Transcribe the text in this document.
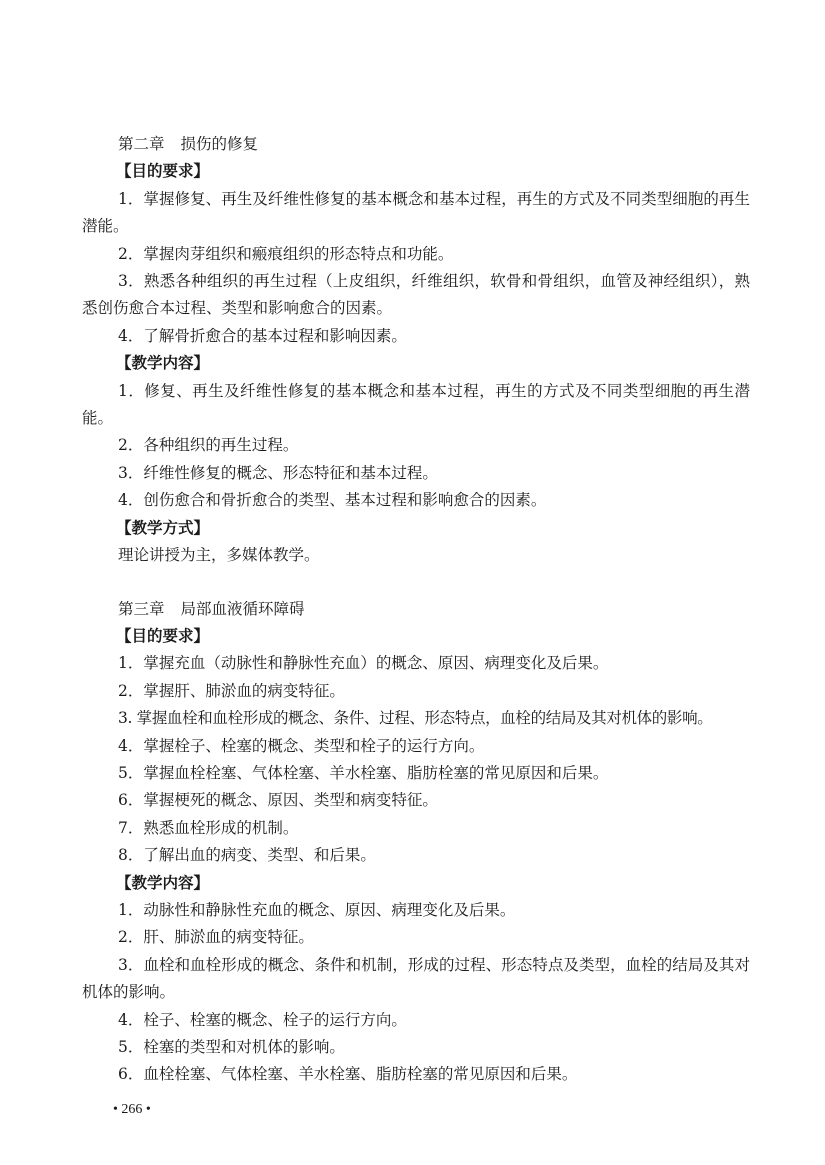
第二章 损伤的修复
【目的要求】
1．掌握修复、再生及纤维性修复的基本概念和基本过程，再生的方式及不同类型细胞的再生潜能。
2．掌握肉芽组织和瘢痕组织的形态特点和功能。
3．熟悉各种组织的再生过程（上皮组织，纤维组织，软骨和骨组织，血管及神经组织），熟悉创伤愈合本过程、类型和影响愈合的因素。
4．了解骨折愈合的基本过程和影响因素。
【教学内容】
1．修复、再生及纤维性修复的基本概念和基本过程，再生的方式及不同类型细胞的再生潜能。
2．各种组织的再生过程。
3．纤维性修复的概念、形态特征和基本过程。
4．创伤愈合和骨折愈合的类型、基本过程和影响愈合的因素。
【教学方式】
理论讲授为主，多媒体教学。
第三章 局部血液循环障碍
【目的要求】
1．掌握充血（动脉性和静脉性充血）的概念、原因、病理变化及后果。
2．掌握肝、肺淤血的病变特征。
3. 掌握血栓和血栓形成的概念、条件、过程、形态特点，血栓的结局及其对机体的影响。
4．掌握栓子、栓塞的概念、类型和栓子的运行方向。
5．掌握血栓栓塞、气体栓塞、羊水栓塞、脂肪栓塞的常见原因和后果。
6．掌握梗死的概念、原因、类型和病变特征。
7．熟悉血栓形成的机制。
8．了解出血的病变、类型、和后果。
【教学内容】
1．动脉性和静脉性充血的概念、原因、病理变化及后果。
2．肝、肺淤血的病变特征。
3．血栓和血栓形成的概念、条件和机制，形成的过程、形态特点及类型，血栓的结局及其对机体的影响。
4．栓子、栓塞的概念、栓子的运行方向。
5．栓塞的类型和对机体的影响。
6．血栓栓塞、气体栓塞、羊水栓塞、脂肪栓塞的常见原因和后果。
• 266 •
